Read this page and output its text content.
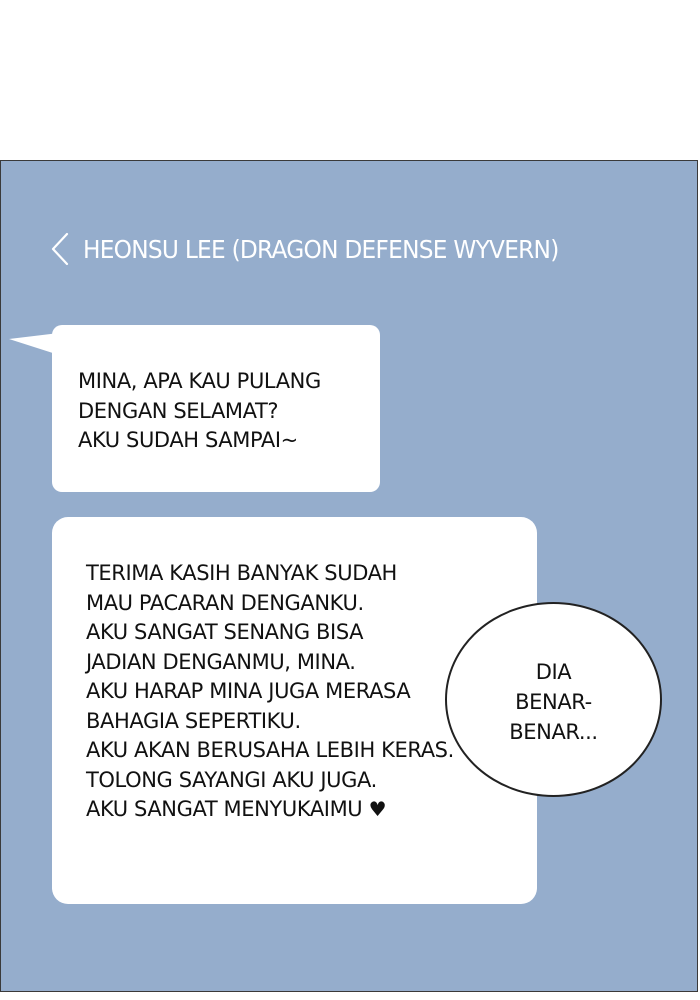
HEONSU LEE (DRAGON DEFENSE WYVERN)
MINA, APA KAU PULANG
DENGAN SELAMAT?
AKU SUDAH SAMPAI~
TERIMA KASIH BANYAK SUDAH
MAU PACARAN DENGANKU.
AKU SANGAT SENANG BISA
JADIAN DENGANMU, MINA.
AKU HARAP MINA JUGA MERASA
BAHAGIA SEPERTIKU.
AKU AKAN BERUSAHA LEBIH KERAS.
TOLONG SAYANGI AKU JUGA.
AKU SANGAT MENYUKAIMU ♥
DIA
BENAR-
BENAR...
